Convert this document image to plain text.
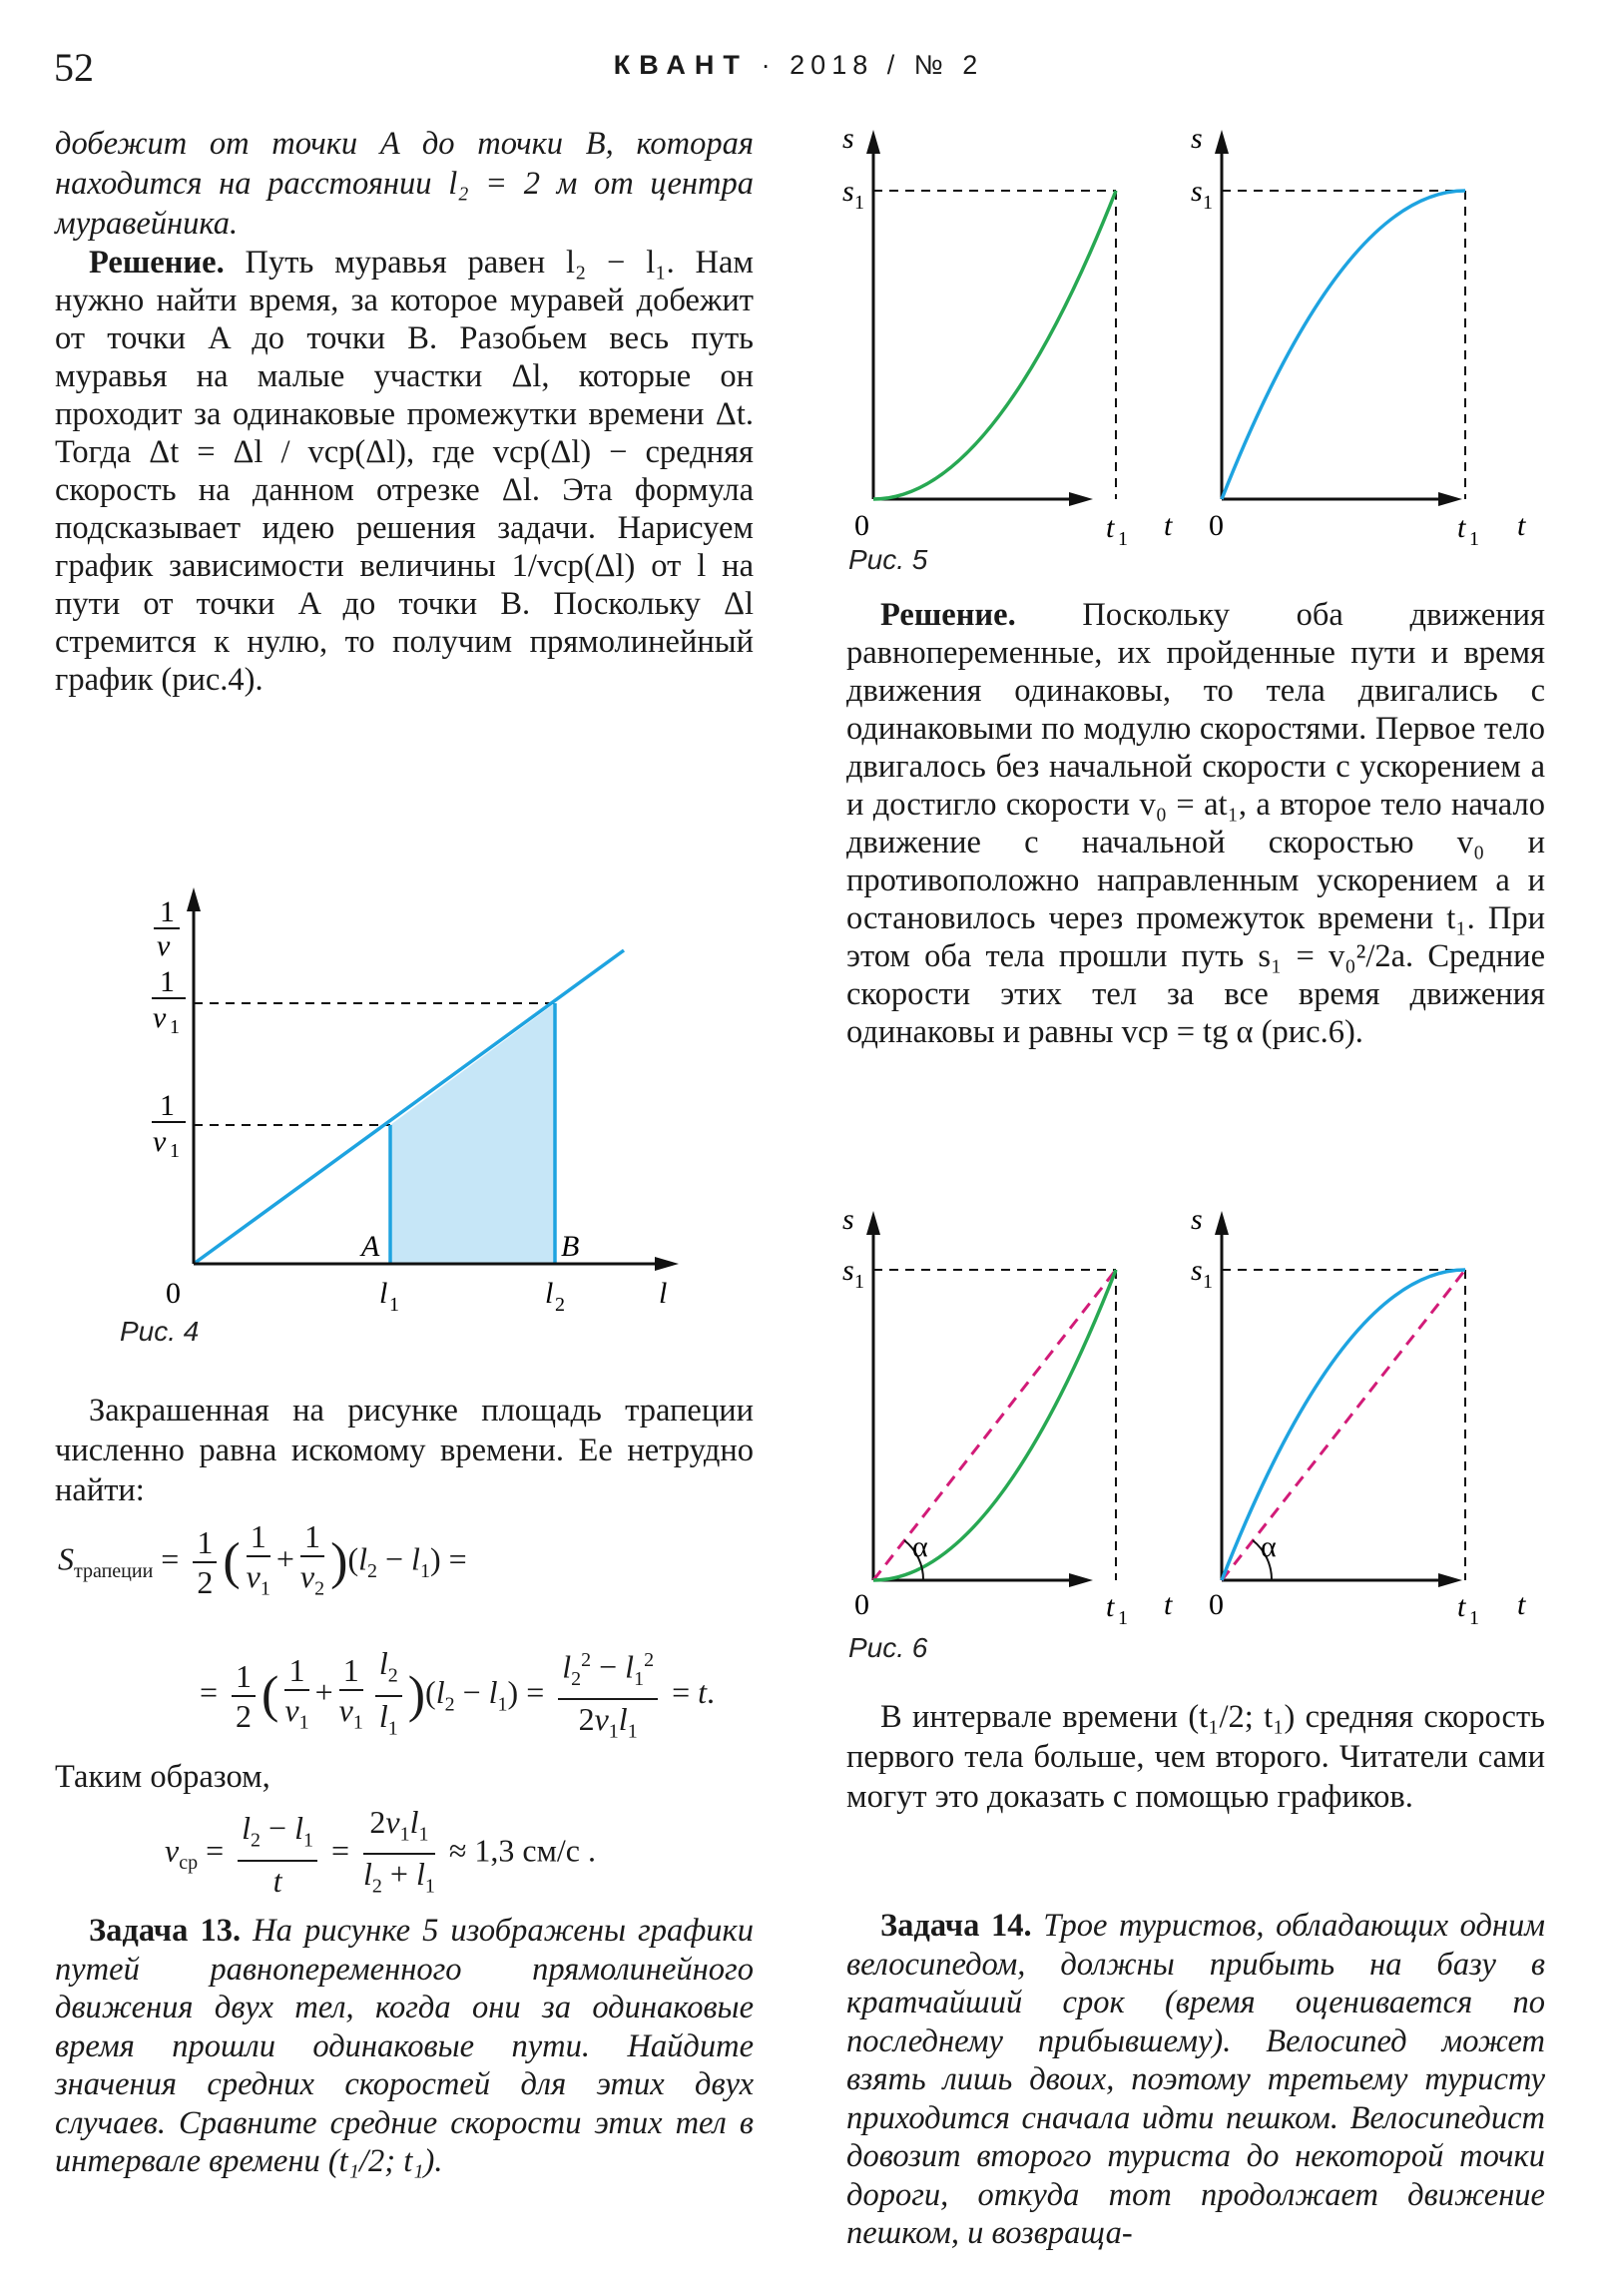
52	КВАНТ · 2018 / № 2

добежит от точки A до точки B, которая находится на расстоянии l₂ = 2 м от центра муравейника.

Решение. Путь муравья равен l₂ − l₁. Нам нужно найти время, за которое муравей добежит от точки A до точки B. Разобьем весь путь муравья на малые участки Δl, которые он проходит за одинаковые промежутки времени Δt. Тогда Δt = Δl / vср(Δl), где vср(Δl) − средняя скорость на данном отрезке Δl. Эта формула подсказывает идею решения задачи. Нарисуем график зависимости величины 1/vср(Δl) от l на пути от точки A до точки B. Поскольку Δl стремится к нулю, то получим прямолинейный график (рис.4).

1
v
1
v 1
1
v 1
A	B
0	l 1	l 2	l
Рис. 4

Закрашенная на рисунке площадь трапеции численно равна искомому времени. Ее нетрудно найти:

$S_{трапеции} = \frac{1}{2}$ ( $\frac{1}{v_1} + \frac{1}{v_2} )(l_2 - l_1)$ =
= $\frac{1}{2}$ ( $\frac{1}{v_1} + \frac{1}{v_1} \frac{l_2}{l_1} )(l_2 - l_1) = \frac{l_2^2 - l_1^2}{2v_1l_1} = t$.
Таким образом,
$v_{ср} = \frac{l_2 - l_1}{t} = \frac{2v_1l_1}{l_2 + l_1} \approx 1,3$ см/с .

Задача 13. На рисунке 5 изображены графики путей равнопеременного прямолинейного движения двух тел, когда они за одинаковые время прошли одинаковые пути. Найдите значения средних скоростей для этих двух случаев. Сравните средние скорости этих тел в интервале времени (t₁/2; t₁).

s
s 1
0	t 1 t
s
s 1
0	t 1 t
Рис. 5

Решение. Поскольку оба движения равнопеременные, их пройденные пути и время движения одинаковы, то тела двигались с одинаковыми по модулю скоростями. Первое тело двигалось без начальной скорости с ускорением a и достигло скорости v₀ = at₁, а второе тело начало движение с начальной скоростью v₀ и противоположно направленным ускорением a и остановилось через промежуток времени t₁. При этом оба тела прошли путь s₁ = v₀²/2a. Средние скорости этих тел за все время движения одинаковы и равны vср = tg α (рис.6).

s
s 1
α
0	t 1 t
s
s 1
α
0	t 1 t
Рис. 6

В интервале времени (t₁/2; t₁) средняя скорость первого тела больше, чем второго. Читатели сами могут это доказать с помощью графиков.

Задача 14. Трое туристов, обладающих одним велосипедом, должны прибыть на базу в кратчайший срок (время оценивается по последнему прибывшему). Велосипед может взять лишь двоих, поэтому третьему туристу приходится сначала идти пешком. Велосипедист довозит второго туриста до некоторой точки дороги, откуда тот продолжает движение пешком, и возвраща-
